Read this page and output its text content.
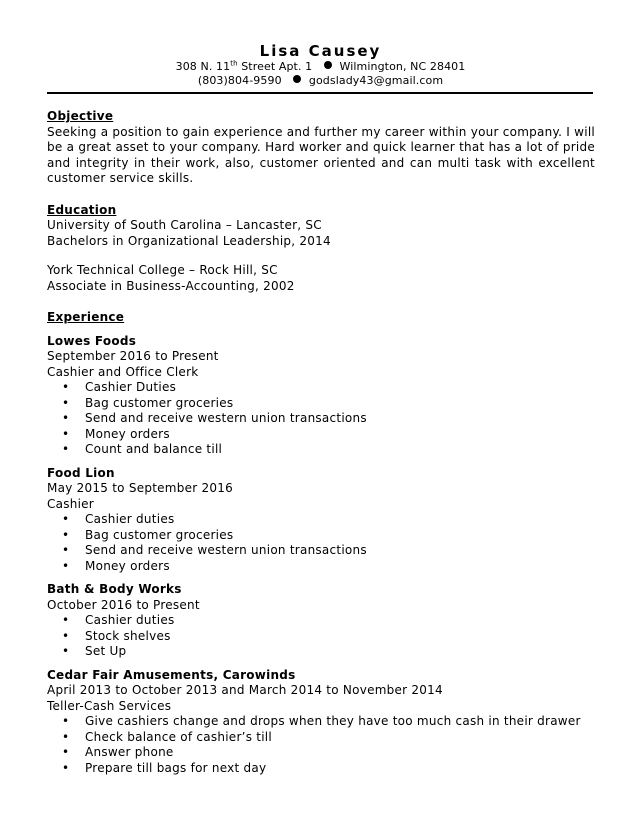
Lisa Causey
308 N. 11th Street Apt. 1 Wilmington, NC 28401
(803)804-9590 godslady43@gmail.com
Objective
Seeking a position to gain experience and further my career within your company. I will be a great asset to your company. Hard worker and quick learner that has a lot of pride and integrity in their work, also, customer oriented and can multi task with excellent customer service skills.
Education
University of South Carolina – Lancaster, SC
Bachelors in Organizational Leadership, 2014
York Technical College – Rock Hill, SC
Associate in Business-Accounting, 2002
Experience
Lowes Foods
September 2016 to Present
Cashier and Office Clerk
• Cashier Duties
• Bag customer groceries
• Send and receive western union transactions
• Money orders
• Count and balance till
Food Lion
May 2015 to September 2016
Cashier
• Cashier duties
• Bag customer groceries
• Send and receive western union transactions
• Money orders
Bath & Body Works
October 2016 to Present
• Cashier duties
• Stock shelves
• Set Up
Cedar Fair Amusements, Carowinds
April 2013 to October 2013 and March 2014 to November 2014
Teller-Cash Services
• Give cashiers change and drops when they have too much cash in their drawer
• Check balance of cashier’s till
• Answer phone
• Prepare till bags for next day
